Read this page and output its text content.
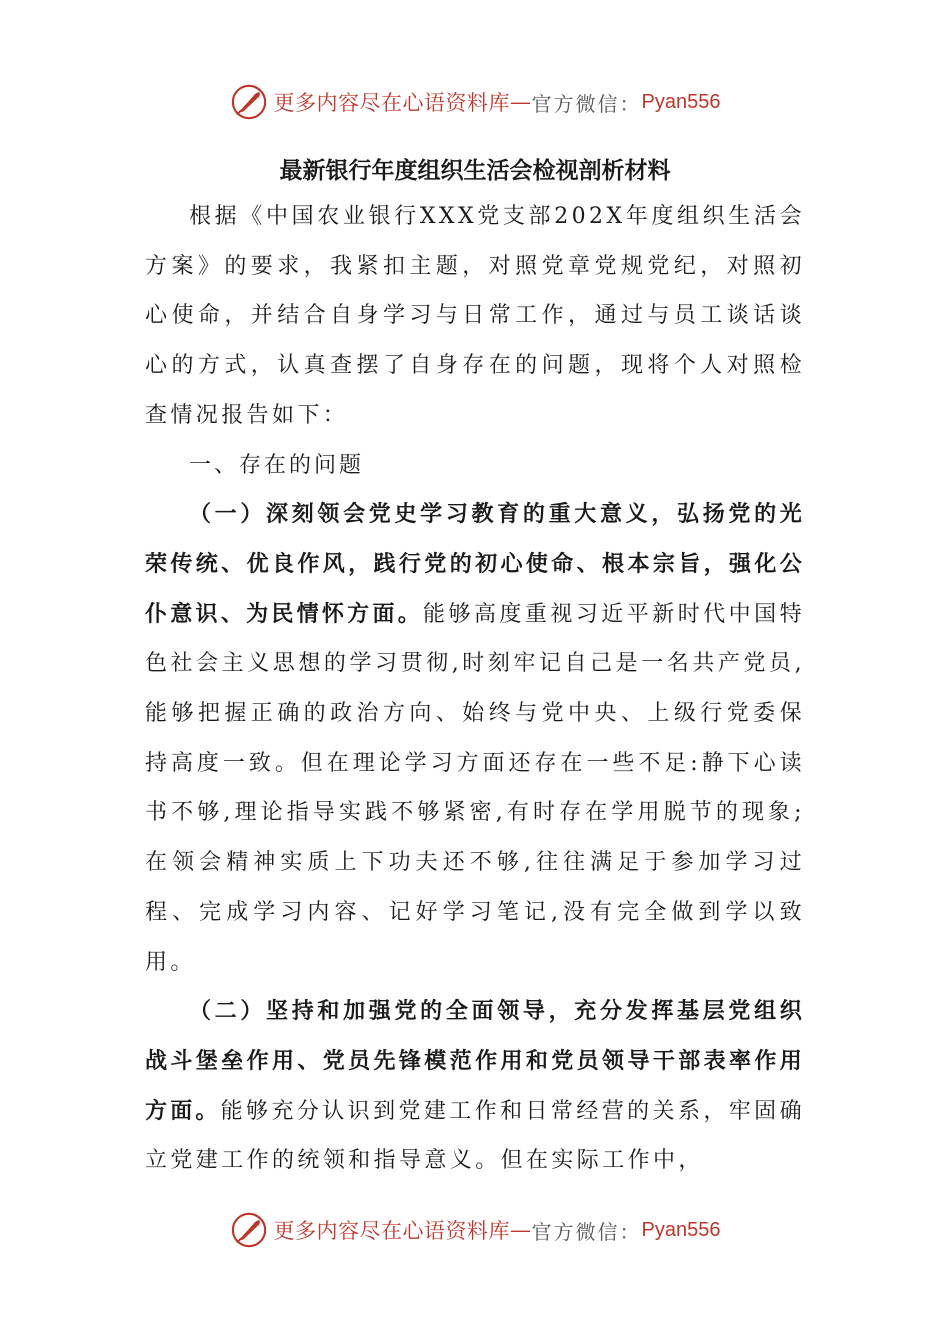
更多内容尽在心语资料库 — 官方微信： Pyan556
最新银行年度组织生活会检视剖析材料

根据《中国农业银行XXX党支部202X年度组织生活会方案》的要求，我紧扣主题，对照党章党规党纪，对照初心使命，并结合自身学习与日常工作，通过与员工谈话谈心的方式，认真查摆了自身存在的问题，现将个人对照检查情况报告如下：

一、存在的问题

（一）深刻领会党史学习教育的重大意义，弘扬党的光荣传统、优良作风，践行党的初心使命、根本宗旨，强化公仆意识、为民情怀方面。能够高度重视习近平新时代中国特色社会主义思想的学习贯彻,时刻牢记自己是一名共产党员,能够把握正确的政治方向、始终与党中央、上级行党委保持高度一致。但在理论学习方面还存在一些不足:静下心读书不够,理论指导实践不够紧密,有时存在学用脱节的现象;在领会精神实质上下功夫还不够,往往满足于参加学习过程、完成学习内容、记好学习笔记,没有完全做到学以致用。

（二）坚持和加强党的全面领导，充分发挥基层党组织战斗堡垒作用、党员先锋模范作用和党员领导干部表率作用方面。能够充分认识到党建工作和日常经营的关系，牢固确立党建工作的统领和指导意义。但在实际工作中，

更多内容尽在心语资料库 — 官方微信： Pyan556
